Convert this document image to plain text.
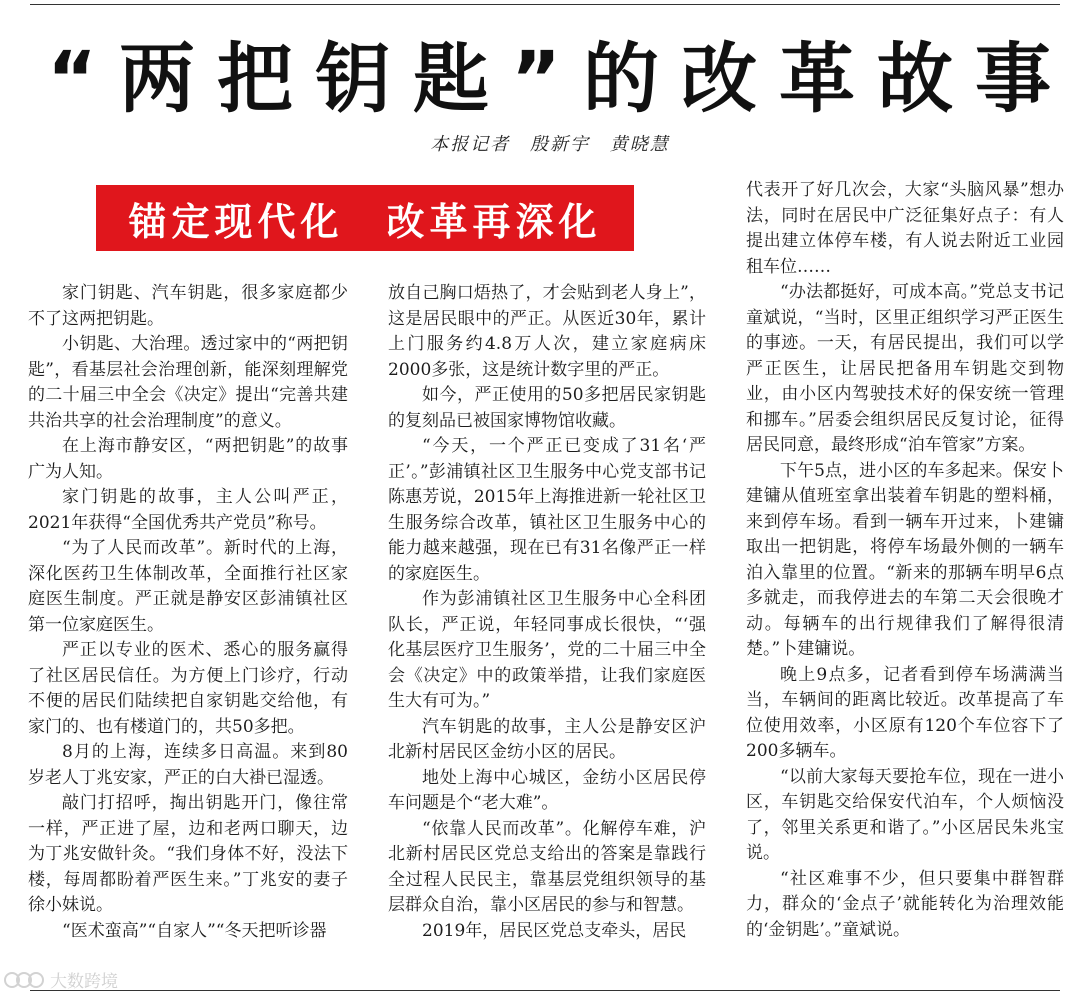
“两把钥匙”的改革故事
本报记者 殷新宇 黄晓慧
锚定现代化　改革再深化

家门钥匙、汽车钥匙，很多家庭都少不了这两把钥匙。

小钥匙、大治理。透过家中的“两把钥匙”，看基层社会治理创新，能深刻理解党的二十届三中全会《决定》提出“完善共建共治共享的社会治理制度”的意义。

在上海市静安区，“两把钥匙”的故事广为人知。

家门钥匙的故事，主人公叫严正，2021年获得“全国优秀共产党员”称号。

“为了人民而改革”。新时代的上海，深化医药卫生体制改革，全面推行社区家庭医生制度。严正就是静安区彭浦镇社区第一位家庭医生。

严正以专业的医术、悉心的服务赢得了社区居民信任。为方便上门诊疗，行动不便的居民们陆续把自家钥匙交给他，有家门的、也有楼道门的，共50多把。

8月的上海，连续多日高温。来到80岁老人丁兆安家，严正的白大褂已湿透。

敲门打招呼，掏出钥匙开门，像往常一样，严正进了屋，边和老两口聊天，边为丁兆安做针灸。“我们身体不好，没法下楼，每周都盼着严医生来。”丁兆安的妻子徐小妹说。

“医术蛮高”“自家人”“冬天把听诊器

放自己胸口焐热了，才会贴到老人身上”，这是居民眼中的严正。从医近30年，累计上门服务约4.8万人次，建立家庭病床2000多张，这是统计数字里的严正。

如今，严正使用的50多把居民家钥匙的复刻品已被国家博物馆收藏。

“今天，一个严正已变成了31名‘严正’。”彭浦镇社区卫生服务中心党支部书记陈惠芳说，2015年上海推进新一轮社区卫生服务综合改革，镇社区卫生服务中心的能力越来越强，现在已有31名像严正一样的家庭医生。

作为彭浦镇社区卫生服务中心全科团队长，严正说，年轻同事成长很快，“‘强化基层医疗卫生服务’，党的二十届三中全会《决定》中的政策举措，让我们家庭医生大有可为。”

汽车钥匙的故事，主人公是静安区沪北新村居民区金纺小区的居民。

地处上海中心城区，金纺小区居民停车问题是个“老大难”。

“依靠人民而改革”。化解停车难，沪北新村居民区党总支给出的答案是靠践行全过程人民民主，靠基层党组织领导的基层群众自治，靠小区居民的参与和智慧。

2019年，居民区党总支牵头，居民

代表开了好几次会，大家“头脑风暴”想办法，同时在居民中广泛征集好点子：有人提出建立体停车楼，有人说去附近工业园租车位……

“办法都挺好，可成本高。”党总支书记童斌说，“当时，区里正组织学习严正医生的事迹。一天，有居民提出，我们可以学严正医生，让居民把备用车钥匙交到物业，由小区内驾驶技术好的保安统一管理和挪车。”居委会组织居民反复讨论，征得居民同意，最终形成“泊车管家”方案。

下午5点，进小区的车多起来。保安卜建镛从值班室拿出装着车钥匙的塑料桶，来到停车场。看到一辆车开过来，卜建镛取出一把钥匙，将停车场最外侧的一辆车泊入靠里的位置。“新来的那辆车明早6点多就走，而我停进去的车第二天会很晚才动。每辆车的出行规律我们了解得很清楚。”卜建镛说。

晚上9点多，记者看到停车场满满当当，车辆间的距离比较近。改革提高了车位使用效率，小区原有120个车位容下了200多辆车。

“以前大家每天要抢车位，现在一进小区，车钥匙交给保安代泊车，个人烦恼没了，邻里关系更和谐了。”小区居民朱兆宝说。

“社区难事不少，但只要集中群智群力，群众的‘金点子’就能转化为治理效能的‘金钥匙’。”童斌说。

大数跨境
